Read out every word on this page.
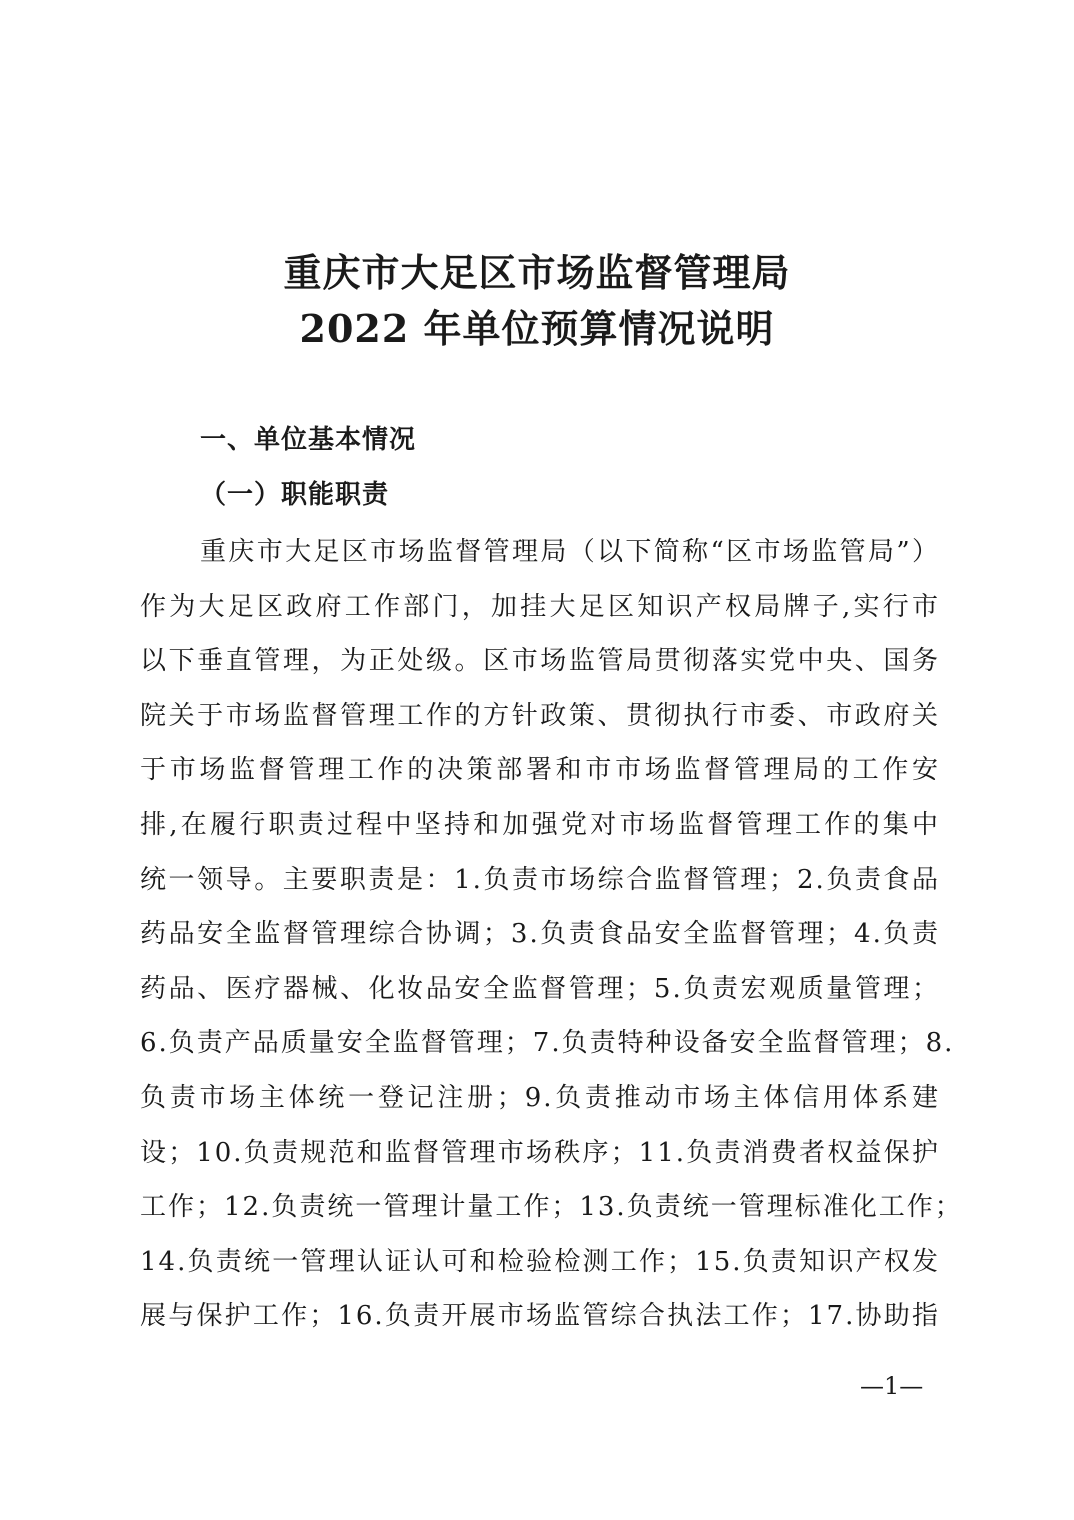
重庆市大足区市场监督管理局
2022 年单位预算情况说明
一、单位基本情况
（一）职能职责
重庆市大足区市场监督管理局（以下简称“区市场监管局”）
作为大足区政府工作部门，加挂大足区知识产权局牌子,实行市
以下垂直管理，为正处级。区市场监管局贯彻落实党中央、国务
院关于市场监督管理工作的方针政策、贯彻执行市委、市政府关
于市场监督管理工作的决策部署和市市场监督管理局的工作安
排,在履行职责过程中坚持和加强党对市场监督管理工作的集中
统一领导。主要职责是：1.负责市场综合监督管理；2.负责食品
药品安全监督管理综合协调；3.负责食品安全监督管理；4.负责
药品、医疗器械、化妆品安全监督管理；5.负责宏观质量管理；
6.负责产品质量安全监督管理；7.负责特种设备安全监督管理；8.
负责市场主体统一登记注册；9.负责推动市场主体信用体系建
设；10.负责规范和监督管理市场秩序；11.负责消费者权益保护
工作；12.负责统一管理计量工作；13.负责统一管理标准化工作；
14.负责统一管理认证认可和检验检测工作；15.负责知识产权发
展与保护工作；16.负责开展市场监管综合执法工作；17.协助指
—1—
